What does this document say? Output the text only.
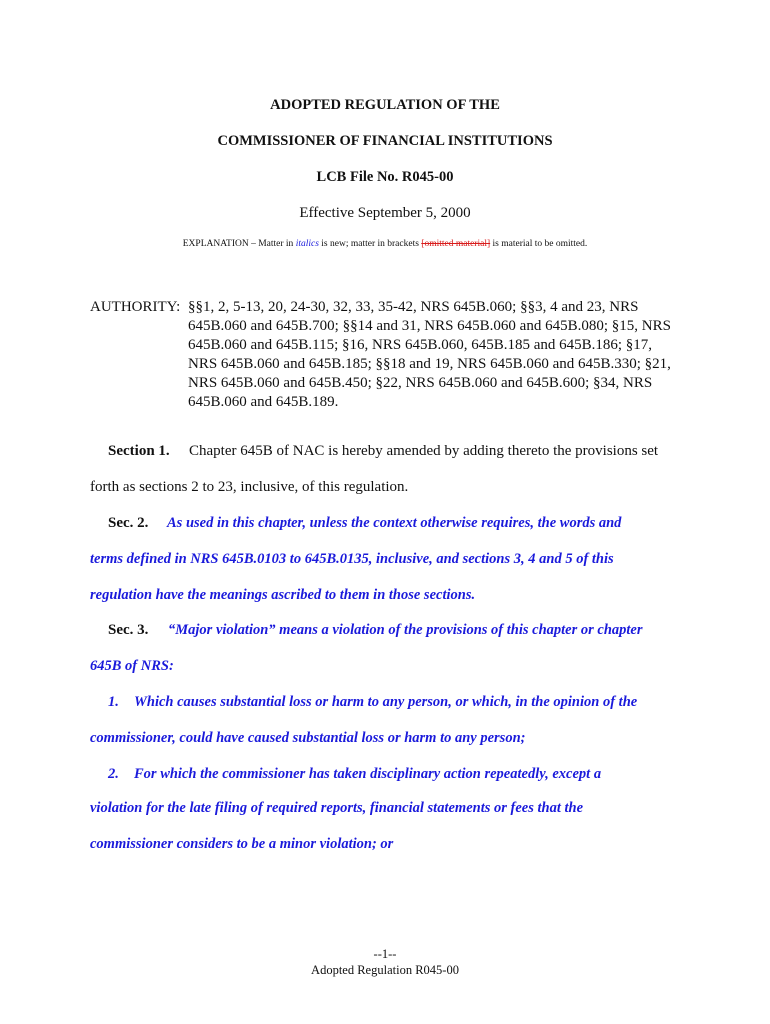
ADOPTED REGULATION OF THE
COMMISSIONER OF FINANCIAL INSTITUTIONS
LCB File No. R045-00
Effective September 5, 2000
EXPLANATION – Matter in italics is new; matter in brackets [omitted material] is material to be omitted.
AUTHORITY: §§1, 2, 5-13, 20, 24-30, 32, 33, 35-42, NRS 645B.060; §§3, 4 and 23, NRS
645B.060 and 645B.700; §§14 and 31, NRS 645B.060 and 645B.080; §15, NRS
645B.060 and 645B.115; §16, NRS 645B.060, 645B.185 and 645B.186; §17,
NRS 645B.060 and 645B.185; §§18 and 19, NRS 645B.060 and 645B.330; §21,
NRS 645B.060 and 645B.450; §22, NRS 645B.060 and 645B.600; §34, NRS
645B.060 and 645B.189.
Section 1. Chapter 645B of NAC is hereby amended by adding thereto the provisions set
forth as sections 2 to 23, inclusive, of this regulation.
Sec. 2. As used in this chapter, unless the context otherwise requires, the words and
terms defined in NRS 645B.0103 to 645B.0135, inclusive, and sections 3, 4 and 5 of this
regulation have the meanings ascribed to them in those sections.
Sec. 3. “Major violation” means a violation of the provisions of this chapter or chapter
645B of NRS:
1. Which causes substantial loss or harm to any person, or which, in the opinion of the
commissioner, could have caused substantial loss or harm to any person;
2. For which the commissioner has taken disciplinary action repeatedly, except a
violation for the late filing of required reports, financial statements or fees that the
commissioner considers to be a minor violation; or
--1--
Adopted Regulation R045-00
